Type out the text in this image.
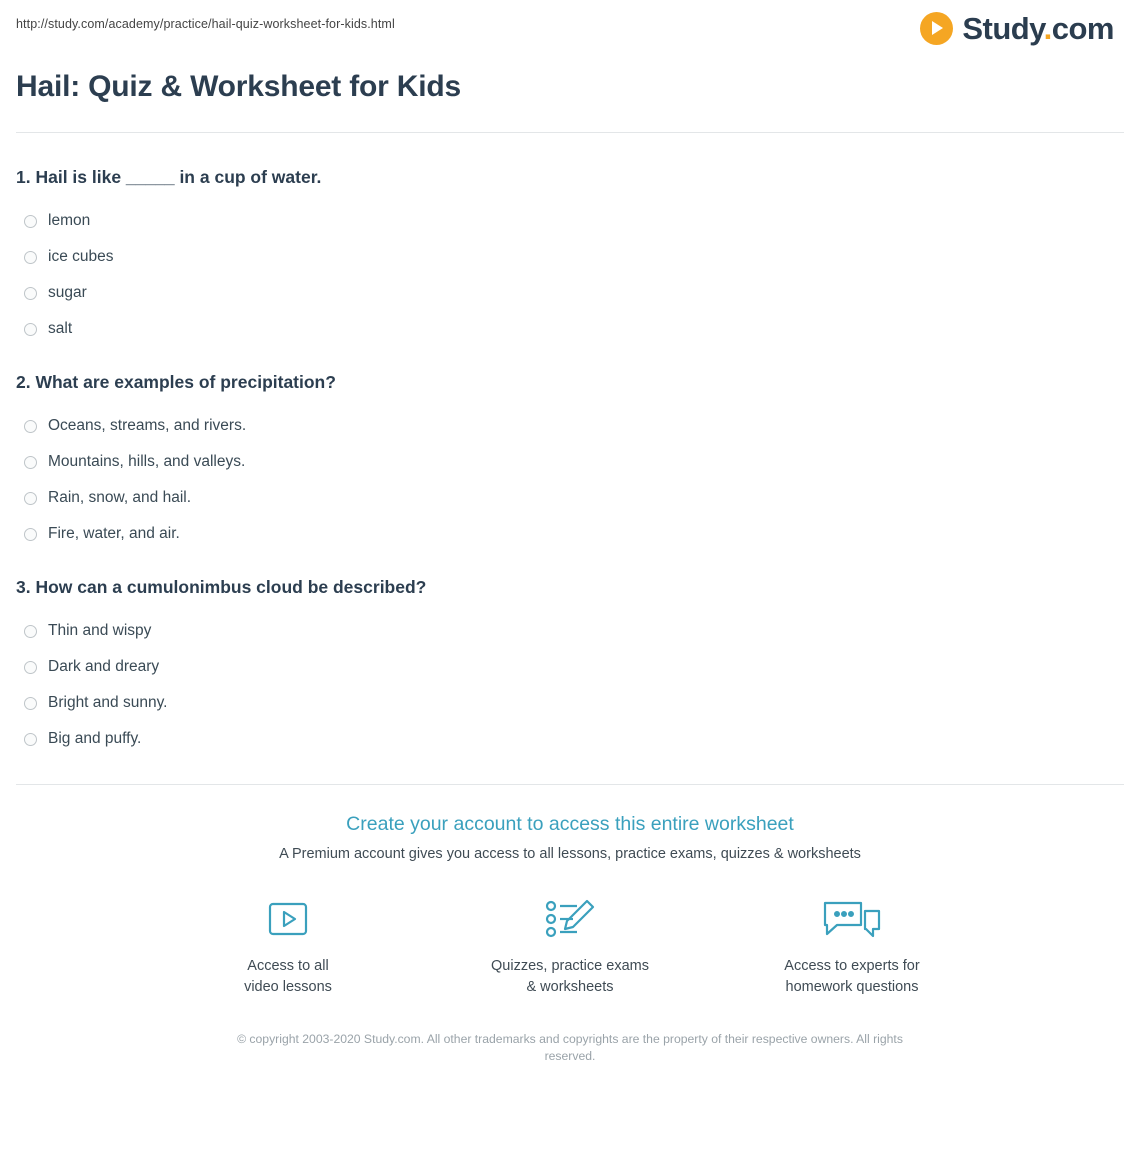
http://study.com/academy/practice/hail-quiz-worksheet-for-kids.html	Study.com
Hail: Quiz & Worksheet for Kids
1. Hail is like _____ in a cup of water.
lemon
ice cubes
sugar
salt
2. What are examples of precipitation?
Oceans, streams, and rivers.
Mountains, hills, and valleys.
Rain, snow, and hail.
Fire, water, and air.
3. How can a cumulonimbus cloud be described?
Thin and wispy
Dark and dreary
Bright and sunny.
Big and puffy.
Create your account to access this entire worksheet

A Premium account gives you access to all lessons, practice exams, quizzes & worksheets

Access to all
video lessons
Quizzes, practice exams
& worksheets
Access to experts for
homework questions
© copyright 2003-2020 Study.com. All other trademarks and copyrights are the property of their respective owners. All rights reserved.
